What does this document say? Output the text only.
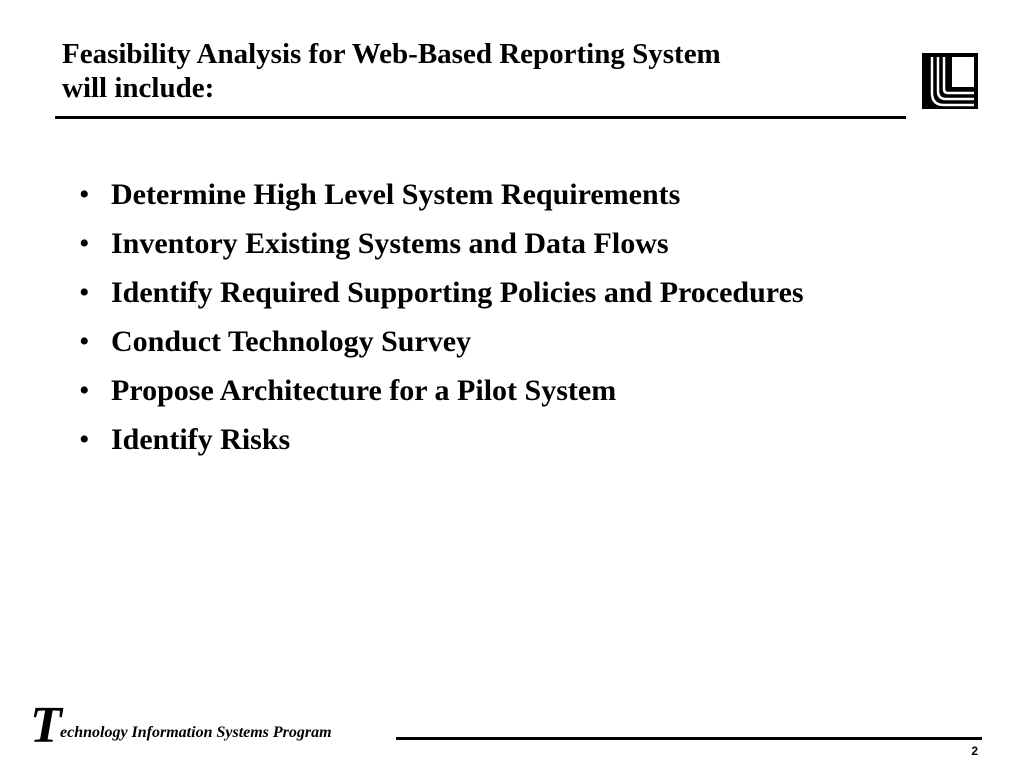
Feasibility Analysis for Web-Based Reporting System
will include:
• Determine High Level System Requirements
• Inventory Existing Systems and Data Flows
• Identify Required Supporting Policies and Procedures
• Conduct Technology Survey
• Propose Architecture for a Pilot System
• Identify Risks
T
echnology Information Systems Program
2
